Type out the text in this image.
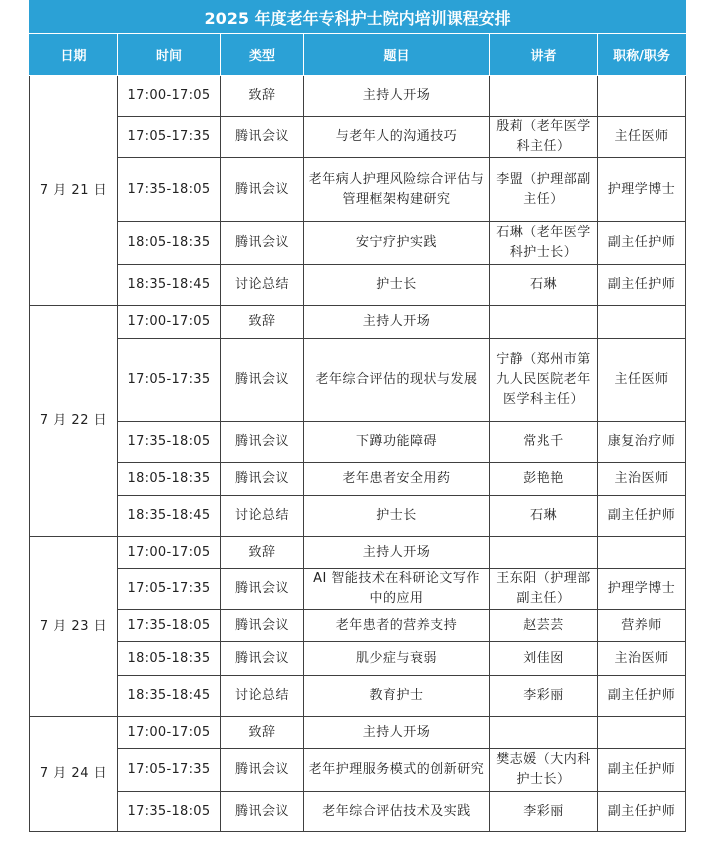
2025 年度老年专科护士院内培训课程安排					
日期	时间	类型	题目	讲者	职称/职务
7 月 21 日	17:00-17:05	致辞	主持人开场		
	17:05-17:35	腾讯会议	与老年人的沟通技巧	殷莉（老年医学科主任）	主任医师
	17:35-18:05	腾讯会议	老年病人护理风险综合评估与管理框架构建研究	李盟（护理部副主任）	护理学博士
	18:05-18:35	腾讯会议	安宁疗护实践	石琳（老年医学科护士长）	副主任护师
	18:35-18:45	讨论总结	护士长	石琳	副主任护师
7 月 22 日	17:00-17:05	致辞	主持人开场		
	17:05-17:35	腾讯会议	老年综合评估的现状与发展	宁静（郑州市第九人民医院老年医学科主任）	主任医师
	17:35-18:05	腾讯会议	下蹲功能障碍	常兆千	康复治疗师
	18:05-18:35	腾讯会议	老年患者安全用药	彭艳艳	主治医师
	18:35-18:45	讨论总结	护士长	石琳	副主任护师
7 月 23 日	17:00-17:05	致辞	主持人开场		
	17:05-17:35	腾讯会议	AI 智能技术在科研论文写作中的应用	王东阳（护理部副主任）	护理学博士
	17:35-18:05	腾讯会议	老年患者的营养支持	赵芸芸	营养师
	18:05-18:35	腾讯会议	肌少症与衰弱	刘佳囡	主治医师
	18:35-18:45	讨论总结	教育护士	李彩丽	副主任护师
7 月 24 日	17:00-17:05	致辞	主持人开场		
	17:05-17:35	腾讯会议	老年护理服务模式的创新研究	樊志媛（大内科护士长）	副主任护师
	17:35-18:05	腾讯会议	老年综合评估技术及实践	李彩丽	副主任护师
